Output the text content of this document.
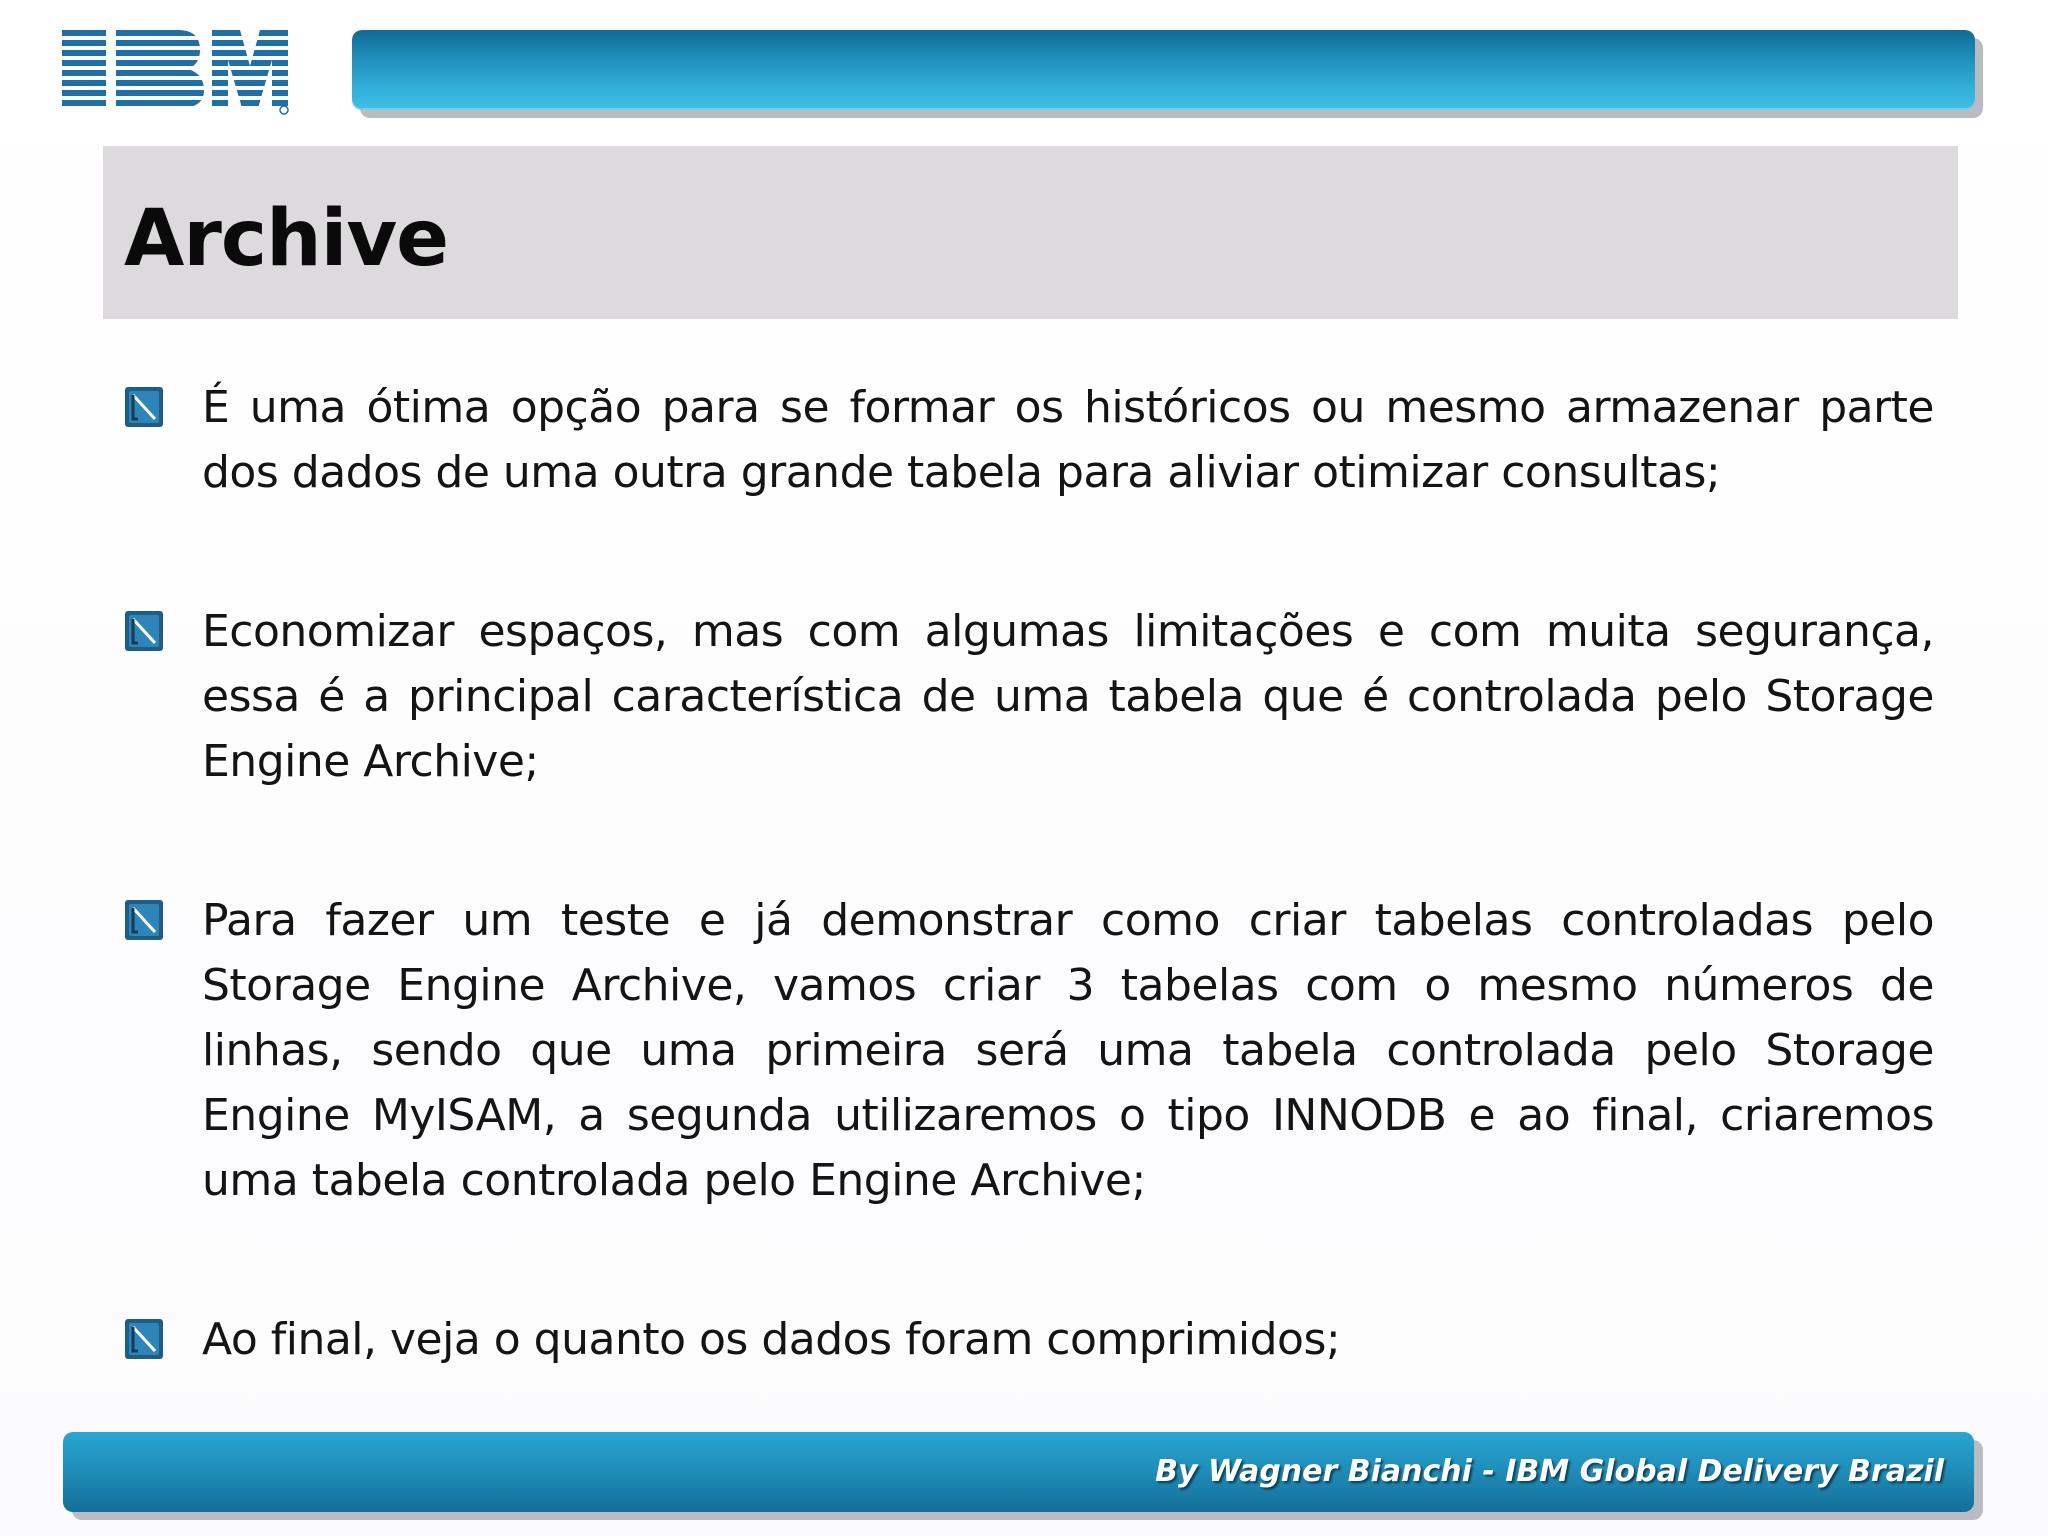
Archive
É uma ótima opção para se formar os históricos ou mesmo armazenar parte dos dados de uma outra grande tabela para aliviar otimizar consultas;
Economizar espaços, mas com algumas limitações e com muita segurança, essa é a principal característica de uma tabela que é controlada pelo Storage Engine Archive;
Para fazer um teste e já demonstrar como criar tabelas controladas pelo Storage Engine Archive, vamos criar 3 tabelas com o mesmo números de linhas, sendo que uma primeira será uma tabela controlada pelo Storage Engine MyISAM, a segunda utilizaremos o tipo INNODB e ao final, criaremos uma tabela controlada pelo Engine Archive;
Ao final, veja o quanto os dados foram comprimidos;
By Wagner Bianchi - IBM Global Delivery Brazil
